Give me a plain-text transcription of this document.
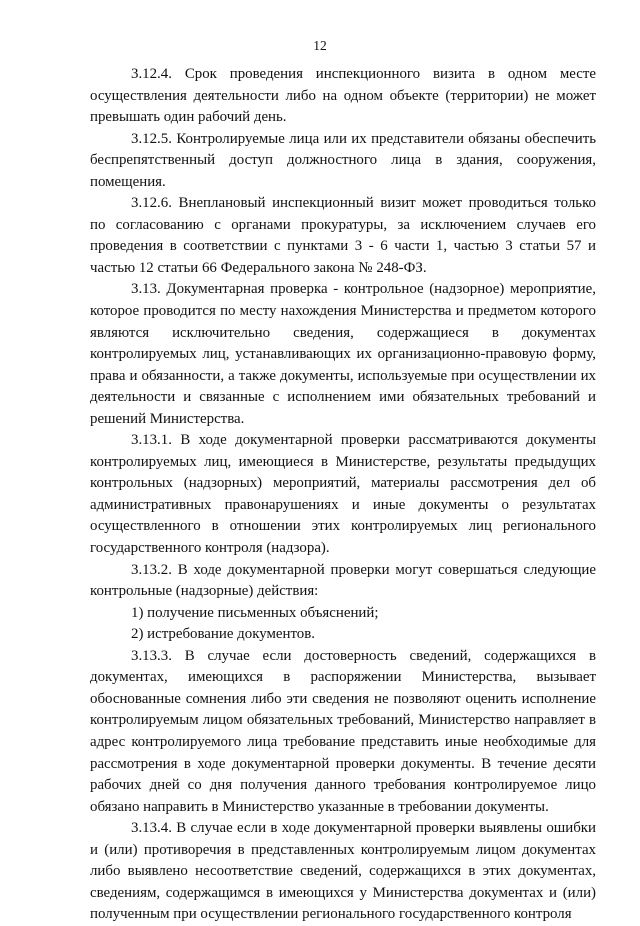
12

3.12.4. Срок проведения инспекционного визита в одном месте осуществления деятельности либо на одном объекте (территории) не может превышать один рабочий день.

3.12.5. Контролируемые лица или их представители обязаны обеспечить беспрепятственный доступ должностного лица в здания, сооружения, помещения.

3.12.6. Внеплановый инспекционный визит может проводиться только по согласованию с органами прокуратуры, за исключением случаев его проведения в соответствии с пунктами 3 - 6 части 1, частью 3 статьи 57 и частью 12 статьи 66 Федерального закона № 248-ФЗ.

3.13. Документарная проверка - контрольное (надзорное) мероприятие, которое проводится по месту нахождения Министерства и предметом которого являются исключительно сведения, содержащиеся в документах контролируемых лиц, устанавливающих их организационно-правовую форму, права и обязанности, а также документы, используемые при осуществлении их деятельности и связанные с исполнением ими обязательных требований и решений Министерства.

3.13.1. В ходе документарной проверки рассматриваются документы контролируемых лиц, имеющиеся в Министерстве, результаты предыдущих контрольных (надзорных) мероприятий, материалы рассмотрения дел об административных правонарушениях и иные документы о результатах осуществленного в отношении этих контролируемых лиц регионального государственного контроля (надзора).

3.13.2. В ходе документарной проверки могут совершаться следующие контрольные (надзорные) действия:

1) получение письменных объяснений;

2) истребование документов.

3.13.3. В случае если достоверность сведений, содержащихся в документах, имеющихся в распоряжении Министерства, вызывает обоснованные сомнения либо эти сведения не позволяют оценить исполнение контролируемым лицом обязательных требований, Министерство направляет в адрес контролируемого лица требование представить иные необходимые для рассмотрения в ходе документарной проверки документы. В течение десяти рабочих дней со дня получения данного требования контролируемое лицо обязано направить в Министерство указанные в требовании документы.

3.13.4. В случае если в ходе документарной проверки выявлены ошибки и (или) противоречия в представленных контролируемым лицом документах либо выявлено несоответствие сведений, содержащихся в этих документах, сведениям, содержащимся в имеющихся у Министерства документах и (или) полученным при осуществлении регионального государственного контроля
